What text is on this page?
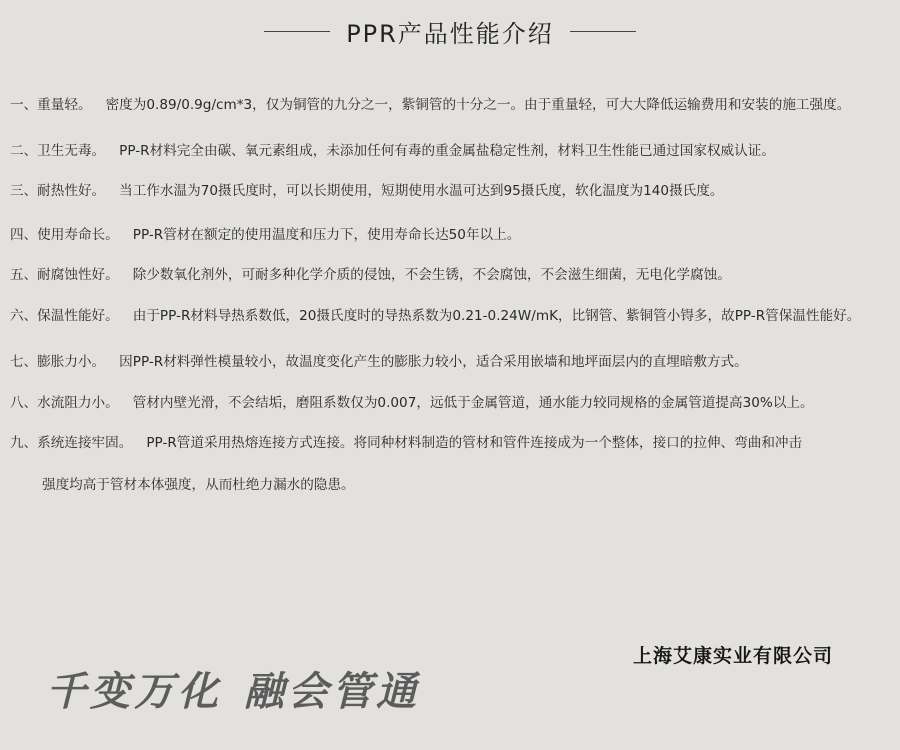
PPR产品性能介绍
一、重量轻。 密度为0.89/0.9g/cm*3，仅为铜管的九分之一，紫铜管的十分之一。由于重量轻，可大大降低运输费用和安装的施工强度。
二、卫生无毒。 PP-R材料完全由碳、氧元素组成，未添加任何有毒的重金属盐稳定性剂，材料卫生性能已通过国家权威认证。
三、耐热性好。 当工作水温为70摄氏度时，可以长期使用，短期使用水温可达到95摄氏度，软化温度为140摄氏度。
四、使用寿命长。 PP-R管材在额定的使用温度和压力下，使用寿命长达50年以上。
五、耐腐蚀性好。 除少数氧化剂外，可耐多种化学介质的侵蚀，不会生锈，不会腐蚀，不会滋生细菌，无电化学腐蚀。
六、保温性能好。 由于PP-R材料导热系数低，20摄氏度时的导热系数为0.21-0.24W/mK，比钢管、紫铜管小锝多，故PP-R管保温性能好。
七、膨胀力小。 因PP-R材料弹性模量较小，故温度变化产生的膨胀力较小，适合采用嵌墙和地坪面层内的直埋暗敷方式。
八、水流阻力小。 管材内壁光滑，不会结垢，磨阻系数仅为0.007，远低于金属管道，通水能力较同规格的金属管道提高30%以上。
九、系统连接牢固。 PP-R管道采用热熔连接方式连接。将同种材料制造的管材和管件连接成为一个整体，接口的拉伸、弯曲和冲击
强度均高于管材本体强度，从而杜绝力漏水的隐患。
上海艾康实业有限公司
千变万化 融会管通
